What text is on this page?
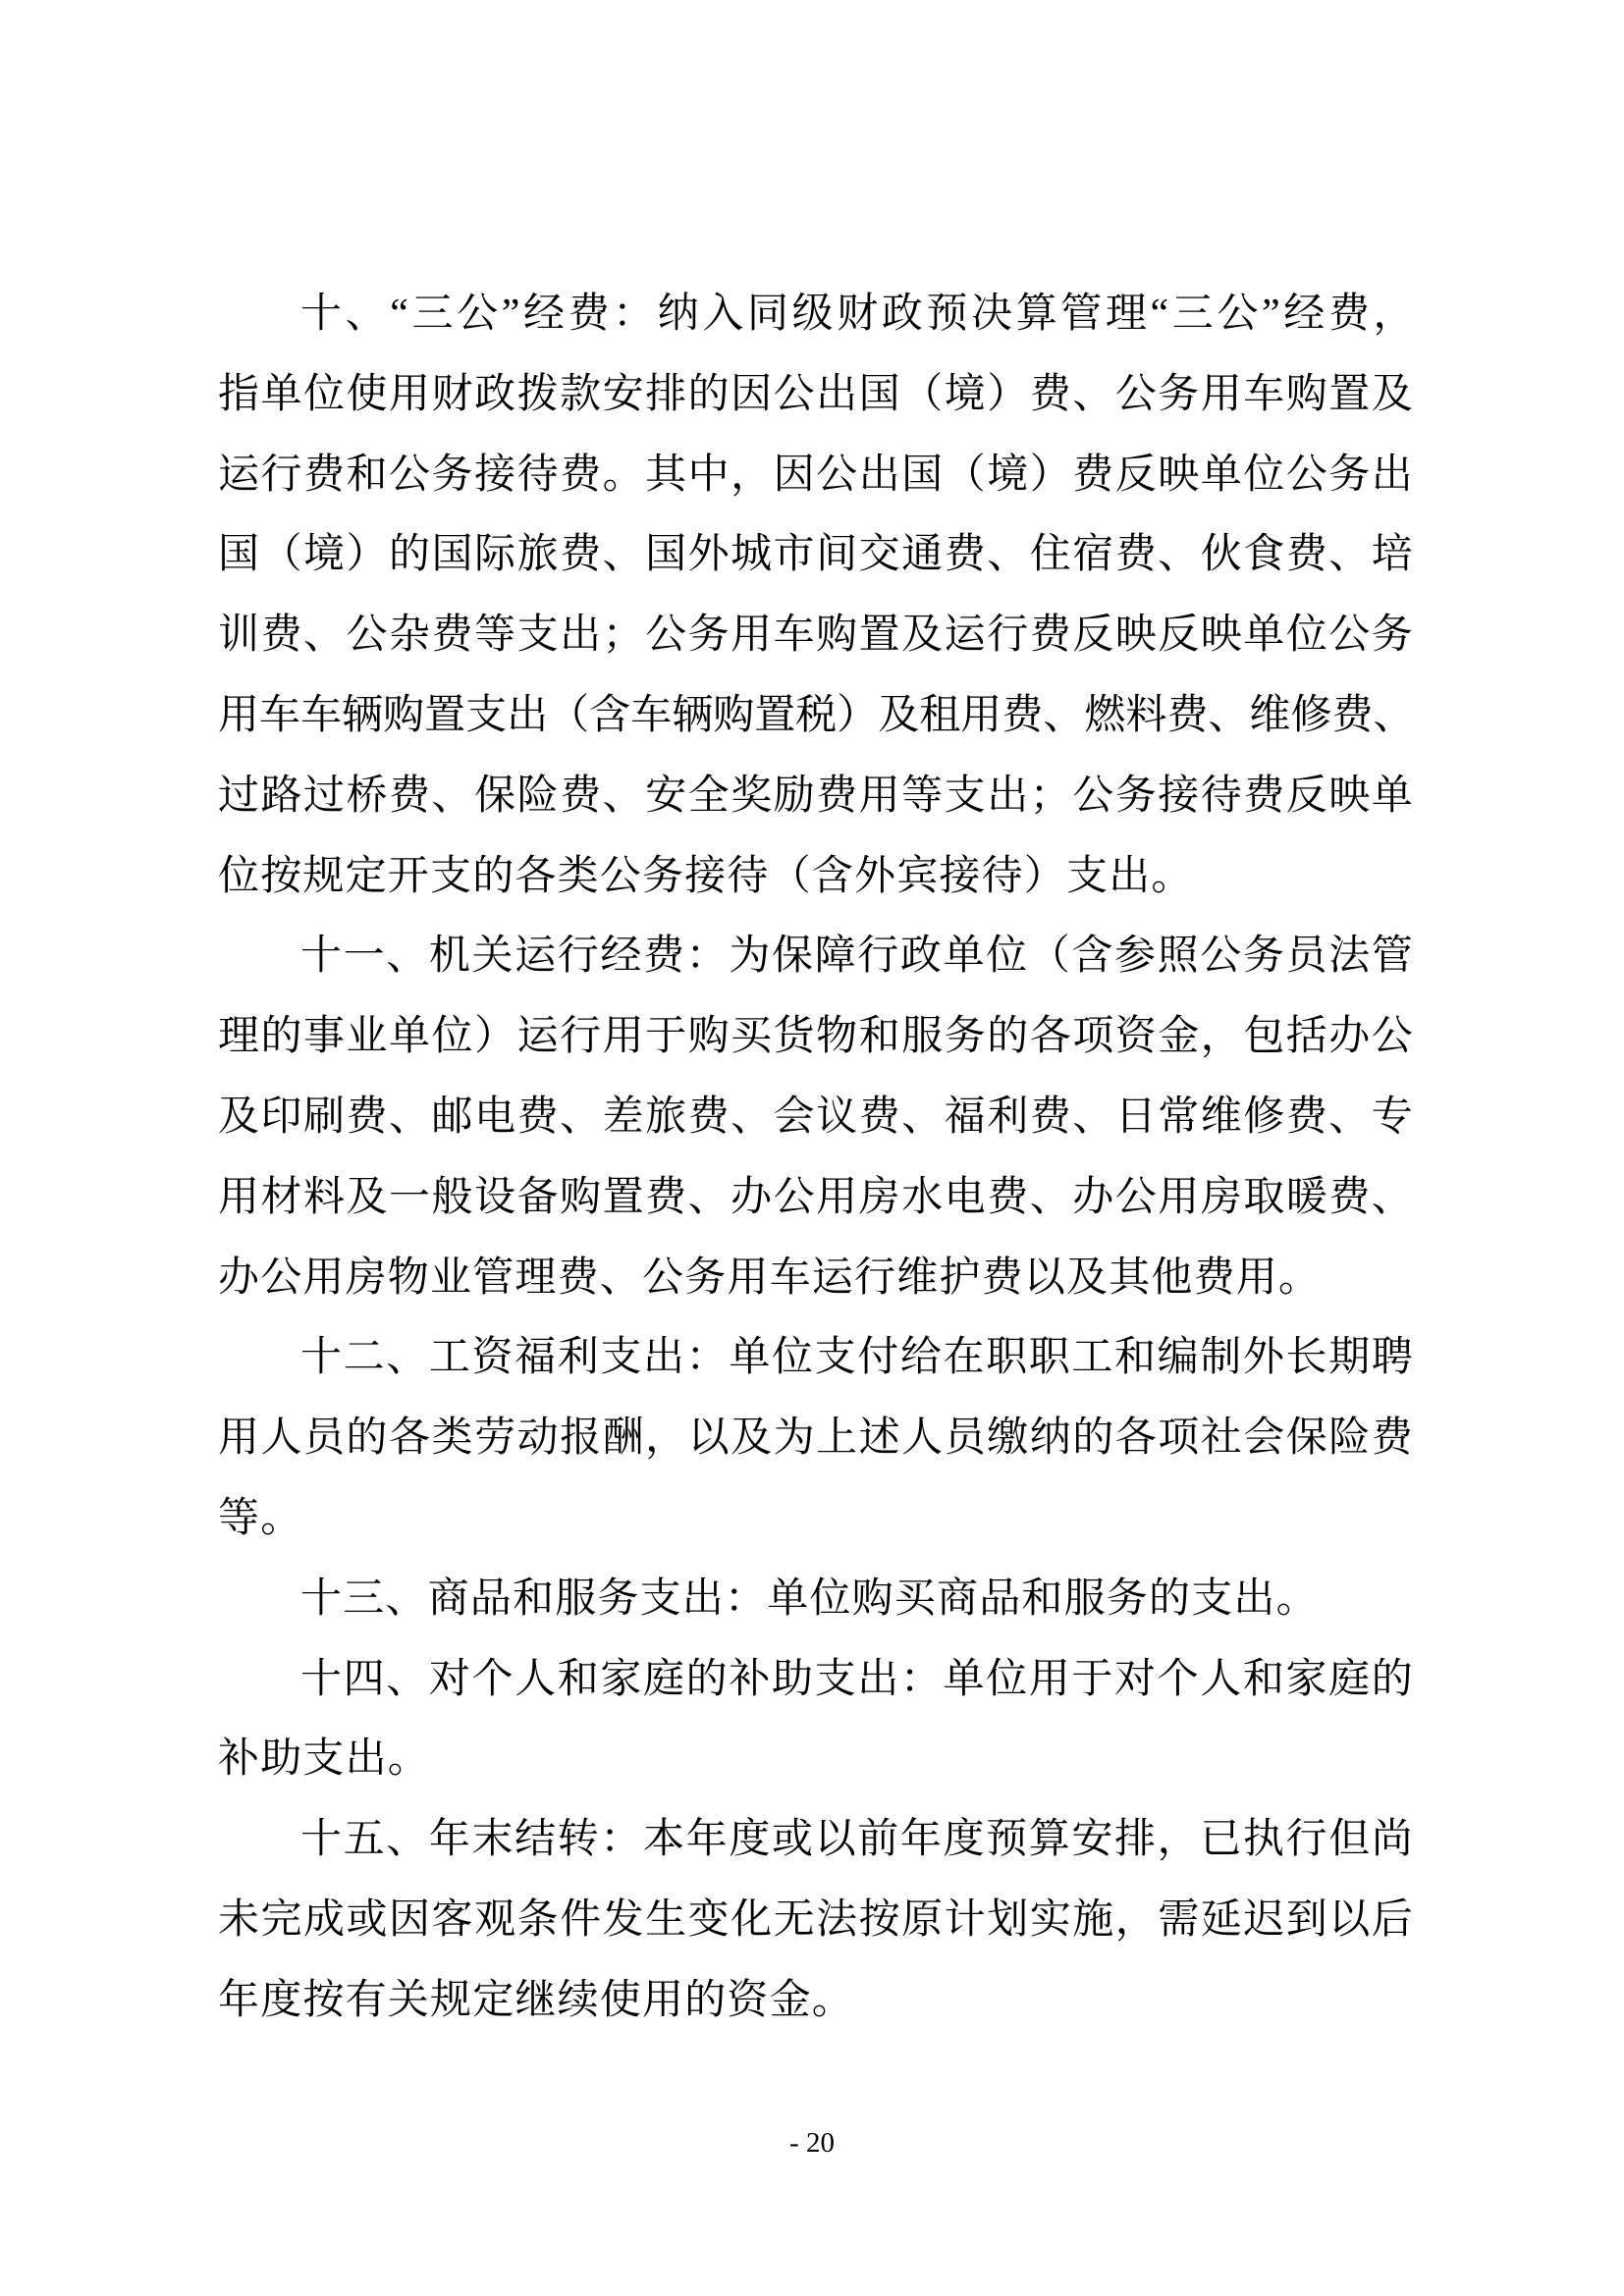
十、“三公”经费：纳入同级财政预决算管理“三公”经费，
指单位使用财政拨款安排的因公出国（境）费、公务用车购置及
运行费和公务接待费。其中，因公出国（境）费反映单位公务出
国（境）的国际旅费、国外城市间交通费、住宿费、伙食费、培
训费、公杂费等支出；公务用车购置及运行费反映反映单位公务
用车车辆购置支出（含车辆购置税）及租用费、燃料费、维修费、
过路过桥费、保险费、安全奖励费用等支出；公务接待费反映单
位按规定开支的各类公务接待（含外宾接待）支出。
十一、机关运行经费：为保障行政单位（含参照公务员法管
理的事业单位）运行用于购买货物和服务的各项资金，包括办公
及印刷费、邮电费、差旅费、会议费、福利费、日常维修费、专
用材料及一般设备购置费、办公用房水电费、办公用房取暖费、
办公用房物业管理费、公务用车运行维护费以及其他费用。
十二、工资福利支出：单位支付给在职职工和编制外长期聘
用人员的各类劳动报酬，以及为上述人员缴纳的各项社会保险费
等。
十三、商品和服务支出：单位购买商品和服务的支出。
十四、对个人和家庭的补助支出：单位用于对个人和家庭的
补助支出。
十五、年末结转：本年度或以前年度预算安排，已执行但尚
未完成或因客观条件发生变化无法按原计划实施，需延迟到以后
年度按有关规定继续使用的资金。
- 20
